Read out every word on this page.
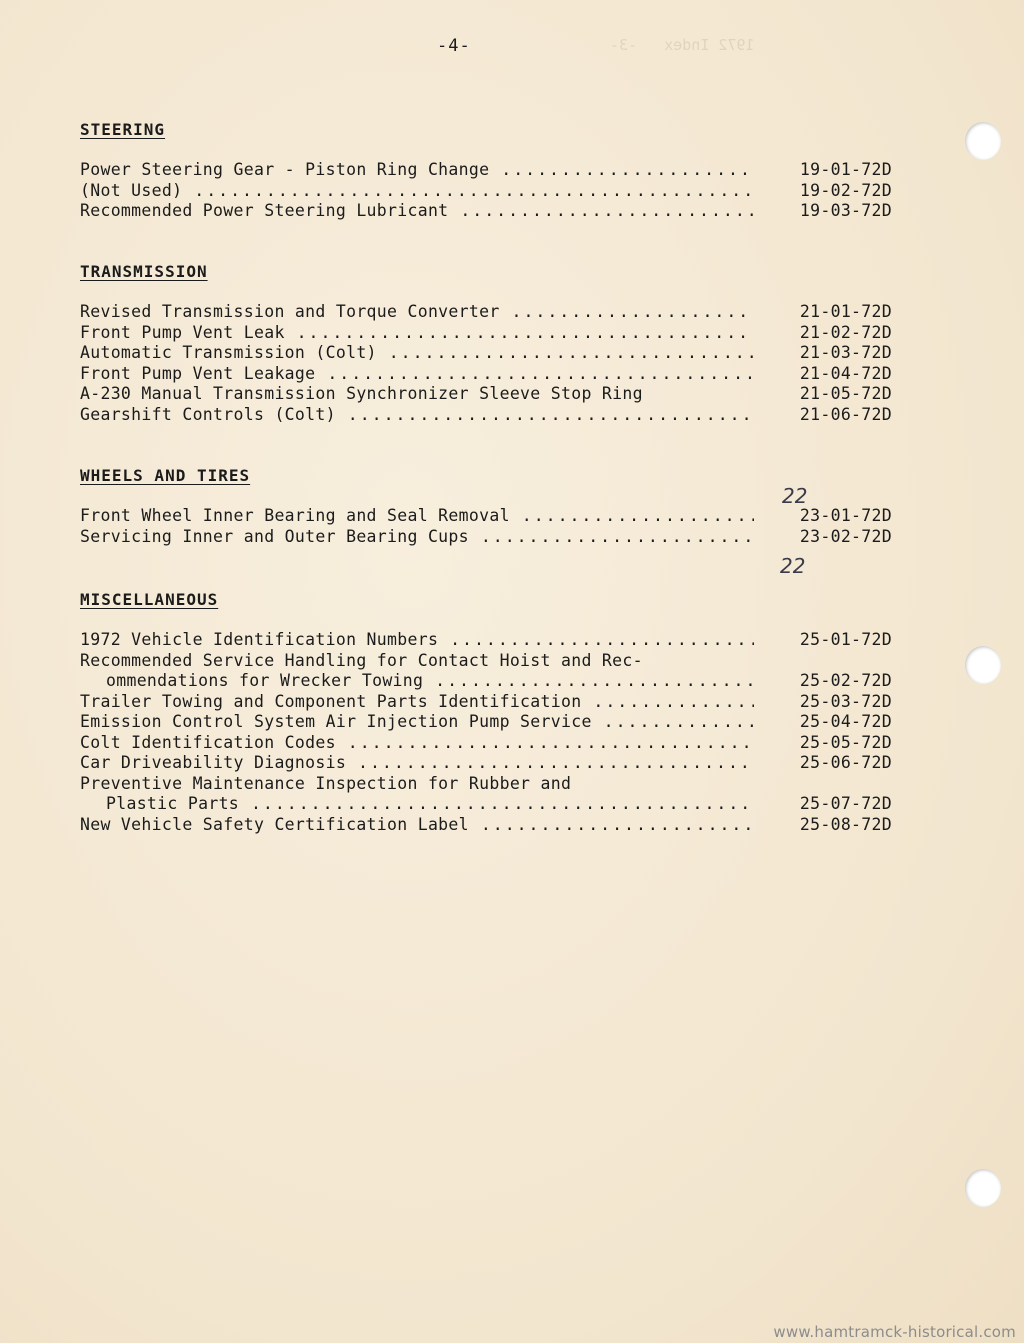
1972 Index   -3-
-4-
STEERING
Power Steering Gear - Piston Ring Change .....	19-01-72D
(Not Used) .....	19-02-72D
Recommended Power Steering Lubricant .....	19-03-72D
TRANSMISSION
Revised Transmission and Torque Converter .....	21-01-72D
Front Pump Vent Leak .....	21-02-72D
Automatic Transmission (Colt) .....	21-03-72D
Front Pump Vent Leakage .....	21-04-72D
A-230 Manual Transmission Synchronizer Sleeve Stop Ring	21-05-72D
Gearshift Controls (Colt) .....	21-06-72D
WHEELS AND TIRES
Front Wheel Inner Bearing and Seal Removal .....	23-01-72D
Servicing Inner and Outer Bearing Cups .....	23-02-72D
22
22
MISCELLANEOUS
1972 Vehicle Identification Numbers .....	25-01-72D
Recommended Service Handling for Contact Hoist and Rec-
ommendations for Wrecker Towing .....	25-02-72D
Trailer Towing and Component Parts Identification .....	25-03-72D
Emission Control System Air Injection Pump Service .....	25-04-72D
Colt Identification Codes .....	25-05-72D
Car Driveability Diagnosis .....	25-06-72D
Preventive Maintenance Inspection for Rubber and
Plastic Parts .....	25-07-72D
New Vehicle Safety Certification Label .....	25-08-72D
www.hamtramck-historical.com
